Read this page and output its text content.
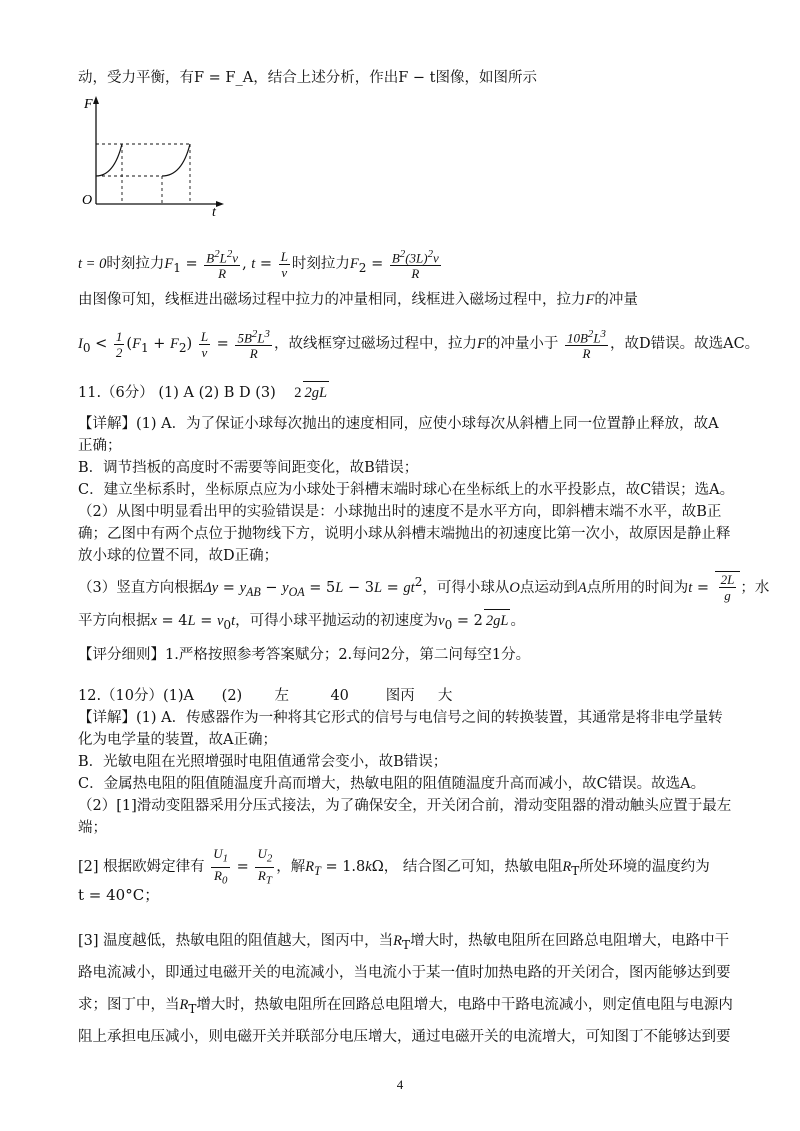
动，受力平衡，有F = F_A，结合上述分析，作出F − t图像，如图所示
F
t
O
t = 0时刻拉力$F_1 = \frac{B^2L^2v}{R}$ , $t = \frac{L}{v}$ 时刻拉力$F_2 = \frac{B^2(3L)^2v}{R}$
由图像可知，线框进出磁场过程中拉力的冲量相同，线框进入磁场过程中，拉力F的冲量
$I_0 < \frac{1}{2} (F_1 + F_2) \frac{L}{v} = \frac{5B^2L^3}{R}$ ，故线框穿过磁场过程中，拉力F的冲量小于 $\frac{10B^2L^3}{R}$ ，故D错误。故选AC。
11.（6分） (1) A (2) B D (3) 2 2gL
【详解】(1) A．为了保证小球每次抛出的速度相同，应使小球每次从斜槽上同一位置静止释放，故A
正确；
B．调节挡板的高度时不需要等间距变化，故B错误；
C．建立坐标系时，坐标原点应为小球处于斜槽末端时球心在坐标纸上的水平投影点，故C错误；选A。
（2）从图中明显看出甲的实验错误是：小球抛出时的速度不是水平方向，即斜槽末端不水平，故B正
确；乙图中有两个点位于抛物线下方，说明小球从斜槽末端抛出的初速度比第一次小，故原因是静止释
放小球的位置不同，故D正确；
（3）竖直方向根据$\Delta y = y_{AB} - y_{OA} = 5L - 3L = gt^2$，可得小球从O点运动到A点所用的时间为$t = \frac{2L}{g}$ ；水
平方向根据$x = 4L = v_0t$，可得小球平抛运动的初速度为$v_0 = 2$ 2gL 。
【评分细则】1.严格按照参考答案赋分；2.每问2分，第二问每空1分。
12.（10分）(1)A      (2)       左         40        图丙     大
【详解】(1) A．传感器作为一种将其它形式的信号与电信号之间的转换装置，其通常是将非电学量转
化为电学量的装置，故A正确；
B．光敏电阻在光照增强时电阻值通常会变小，故B错误；
C．金属热电阻的阻值随温度升高而增大，热敏电阻的阻值随温度升高而减小，故C错误。故选A。
（2）[1]滑动变阻器采用分压式接法，为了确保安全，开关闭合前，滑动变阻器的滑动触头应置于最左
端；
[2] 根据欧姆定律有 $\frac{U_1}{R_0} = \frac{U_2}{R_T}$ ，解$R_T = 1.8k\Omega$， 结合图乙可知，热敏电阻$R_T$所处环境的温度约为
t = 40°C；
[3] 温度越低，热敏电阻的阻值越大，图丙中，当$R_T$增大时，热敏电阻所在回路总电阻增大，电路中干
路电流减小，即通过电磁开关的电流减小，当电流小于某一值时加热电路的开关闭合，图丙能够达到要
求；图丁中，当$R_T$增大时，热敏电阻所在回路总电阻增大，电路中干路电流减小，则定值电阻与电源内
阻上承担电压减小，则电磁开关并联部分电压增大，通过电磁开关的电流增大，可知图丁不能够达到要
4
